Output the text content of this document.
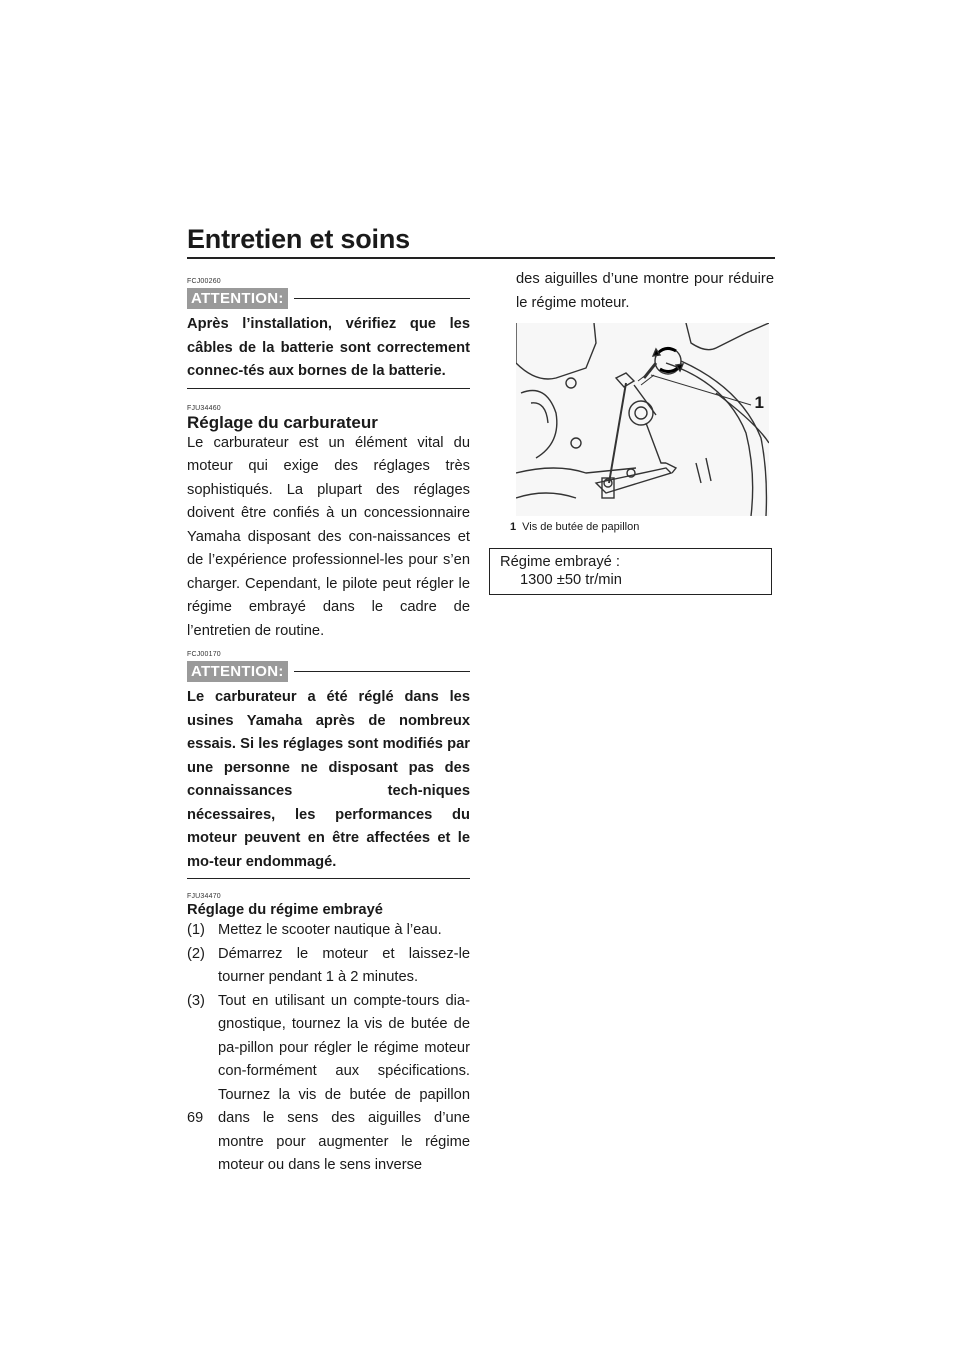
Entretien et soins
69
FCJ00260
ATTENTION:
Après l’installation, vérifiez que les câbles de la batterie sont correctement connec-tés aux bornes de la batterie.
FJU34460
Réglage du carburateur
Le carburateur est un élément vital du moteur qui exige des réglages très sophistiqués. La plupart des réglages doivent être confiés à un concessionnaire Yamaha disposant des con-naissances et de l’expérience professionnel-les pour s’en charger. Cependant, le pilote peut régler le régime embrayé dans le cadre de l’entretien de routine.
FCJ00170
ATTENTION:
Le carburateur a été réglé dans les usines Yamaha après de nombreux essais. Si les réglages sont modifiés par une personne ne disposant pas des connaissances tech-niques nécessaires, les performances du moteur peuvent en être affectées et le mo-teur endommagé.
FJU34470
Réglage du régime embrayé
(1) Mettez le scooter nautique à l’eau.
(2) Démarrez le moteur et laissez-le tourner pendant 1 à 2 minutes.
(3) Tout en utilisant un compte-tours dia-gnostique, tournez la vis de butée de pa-pillon pour régler le régime moteur con-formément aux spécifications. Tournez la vis de butée de papillon dans le sens des aiguilles d’une montre pour augmenter le régime moteur ou dans le sens inverse
des aiguilles d’une montre pour réduire le régime moteur.
1
1 Vis de butée de papillon
Régime embrayé :
1300 ±50 tr/min
